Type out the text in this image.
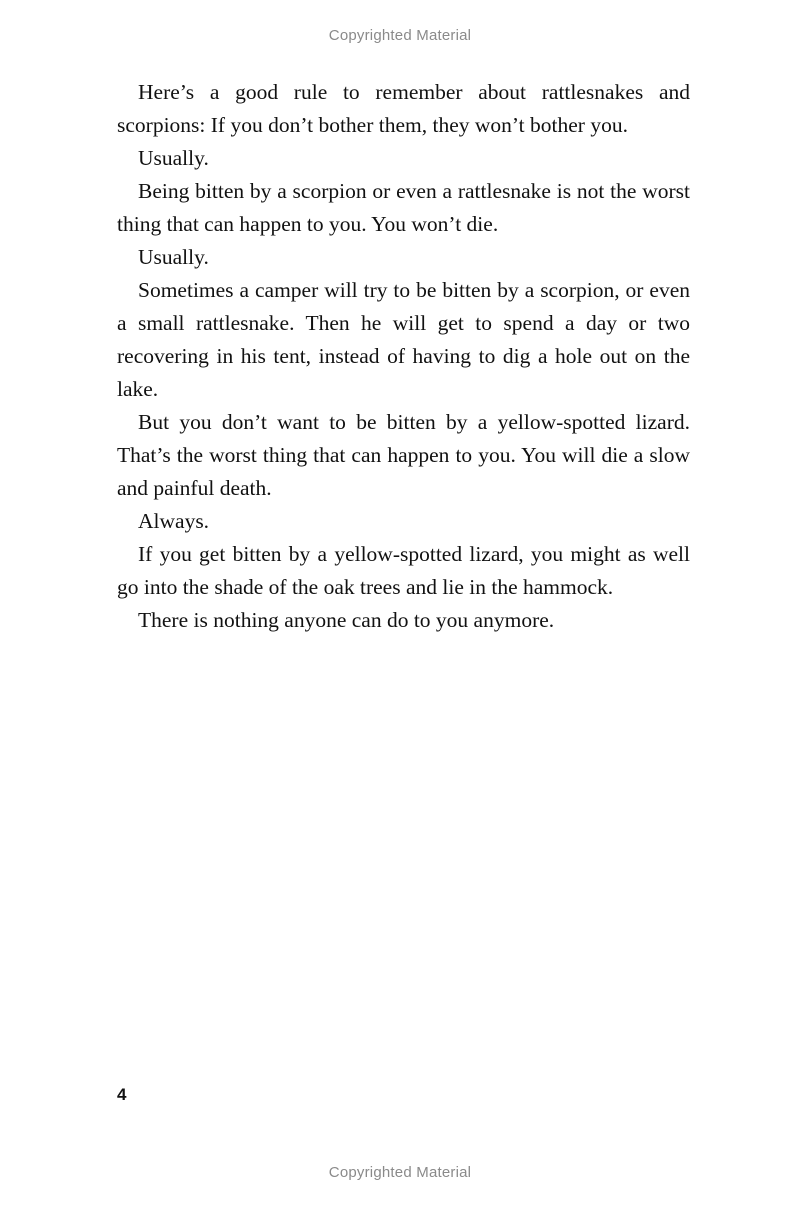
Copyrighted Material

Here’s a good rule to remember about rattlesnakes and scorpions: If you don’t bother them, they won’t bother you.

Usually.

Being bitten by a scorpion or even a rattlesnake is not the worst thing that can happen to you. You won’t die.

Usually.

Sometimes a camper will try to be bitten by a scorpion, or even a small rattlesnake. Then he will get to spend a day or two recovering in his tent, instead of having to dig a hole out on the lake.

But you don’t want to be bitten by a yellow-spotted lizard. That’s the worst thing that can happen to you. You will die a slow and painful death.

Always.

If you get bitten by a yellow-spotted lizard, you might as well go into the shade of the oak trees and lie in the hammock.

There is nothing anyone can do to you anymore.

4
Copyrighted Material
